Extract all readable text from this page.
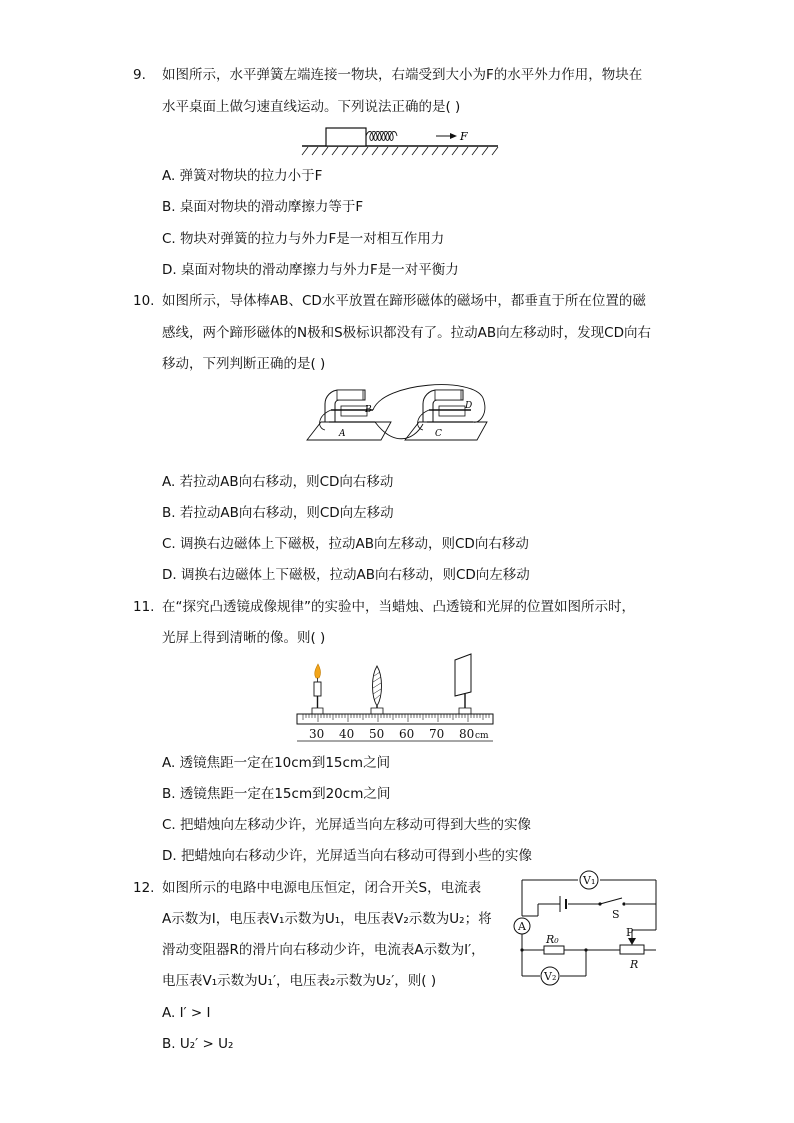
9. 如图所示，水平弹簧左端连接一物块，右端受到大小为F的水平外力作用，物块在
水平桌面上做匀速直线运动。下列说法正确的是( )
F
A. 弹簧对物块的拉力小于F
B. 桌面对物块的滑动摩擦力等于F
C. 物块对弹簧的拉力与外力F是一对相互作用力
D. 桌面对物块的滑动摩擦力与外力F是一对平衡力
10. 如图所示，导体棒AB、CD水平放置在蹄形磁体的磁场中，都垂直于所在位置的磁
感线，两个蹄形磁体的N极和S极标识都没有了。拉动AB向左移动时，发现CD向右
移动，下列判断正确的是( )
B
A
D
C
A. 若拉动AB向右移动，则CD向右移动
B. 若拉动AB向右移动，则CD向左移动
C. 调换右边磁体上下磁极，拉动AB向左移动，则CD向右移动
D. 调换右边磁体上下磁极，拉动AB向右移动，则CD向左移动
11. 在“探究凸透镜成像规律”的实验中，当蜡烛、凸透镜和光屏的位置如图所示时，
光屏上得到清晰的像。则( )
30 40 50 60 70 80 cm
A. 透镜焦距一定在10cm到15cm之间
B. 透镜焦距一定在15cm到20cm之间
C. 把蜡烛向左移动少许，光屏适当向左移动可得到大些的实像
D. 把蜡烛向右移动少许，光屏适当向右移动可得到小些的实像
12. 如图所示的电路中电源电压恒定，闭合开关S，电流表
A示数为I，电压表V₁示数为U₁，电压表V₂示数为U₂；将
滑动变阻器R的滑片向右移动少许，电流表A示数为I′，
电压表V₁示数为U₁′，电压表₂示数为U₂′，则( )
V₁
V₂
A
S
R₀
P
R
A. I′ > I
B. U₂′ > U₂
